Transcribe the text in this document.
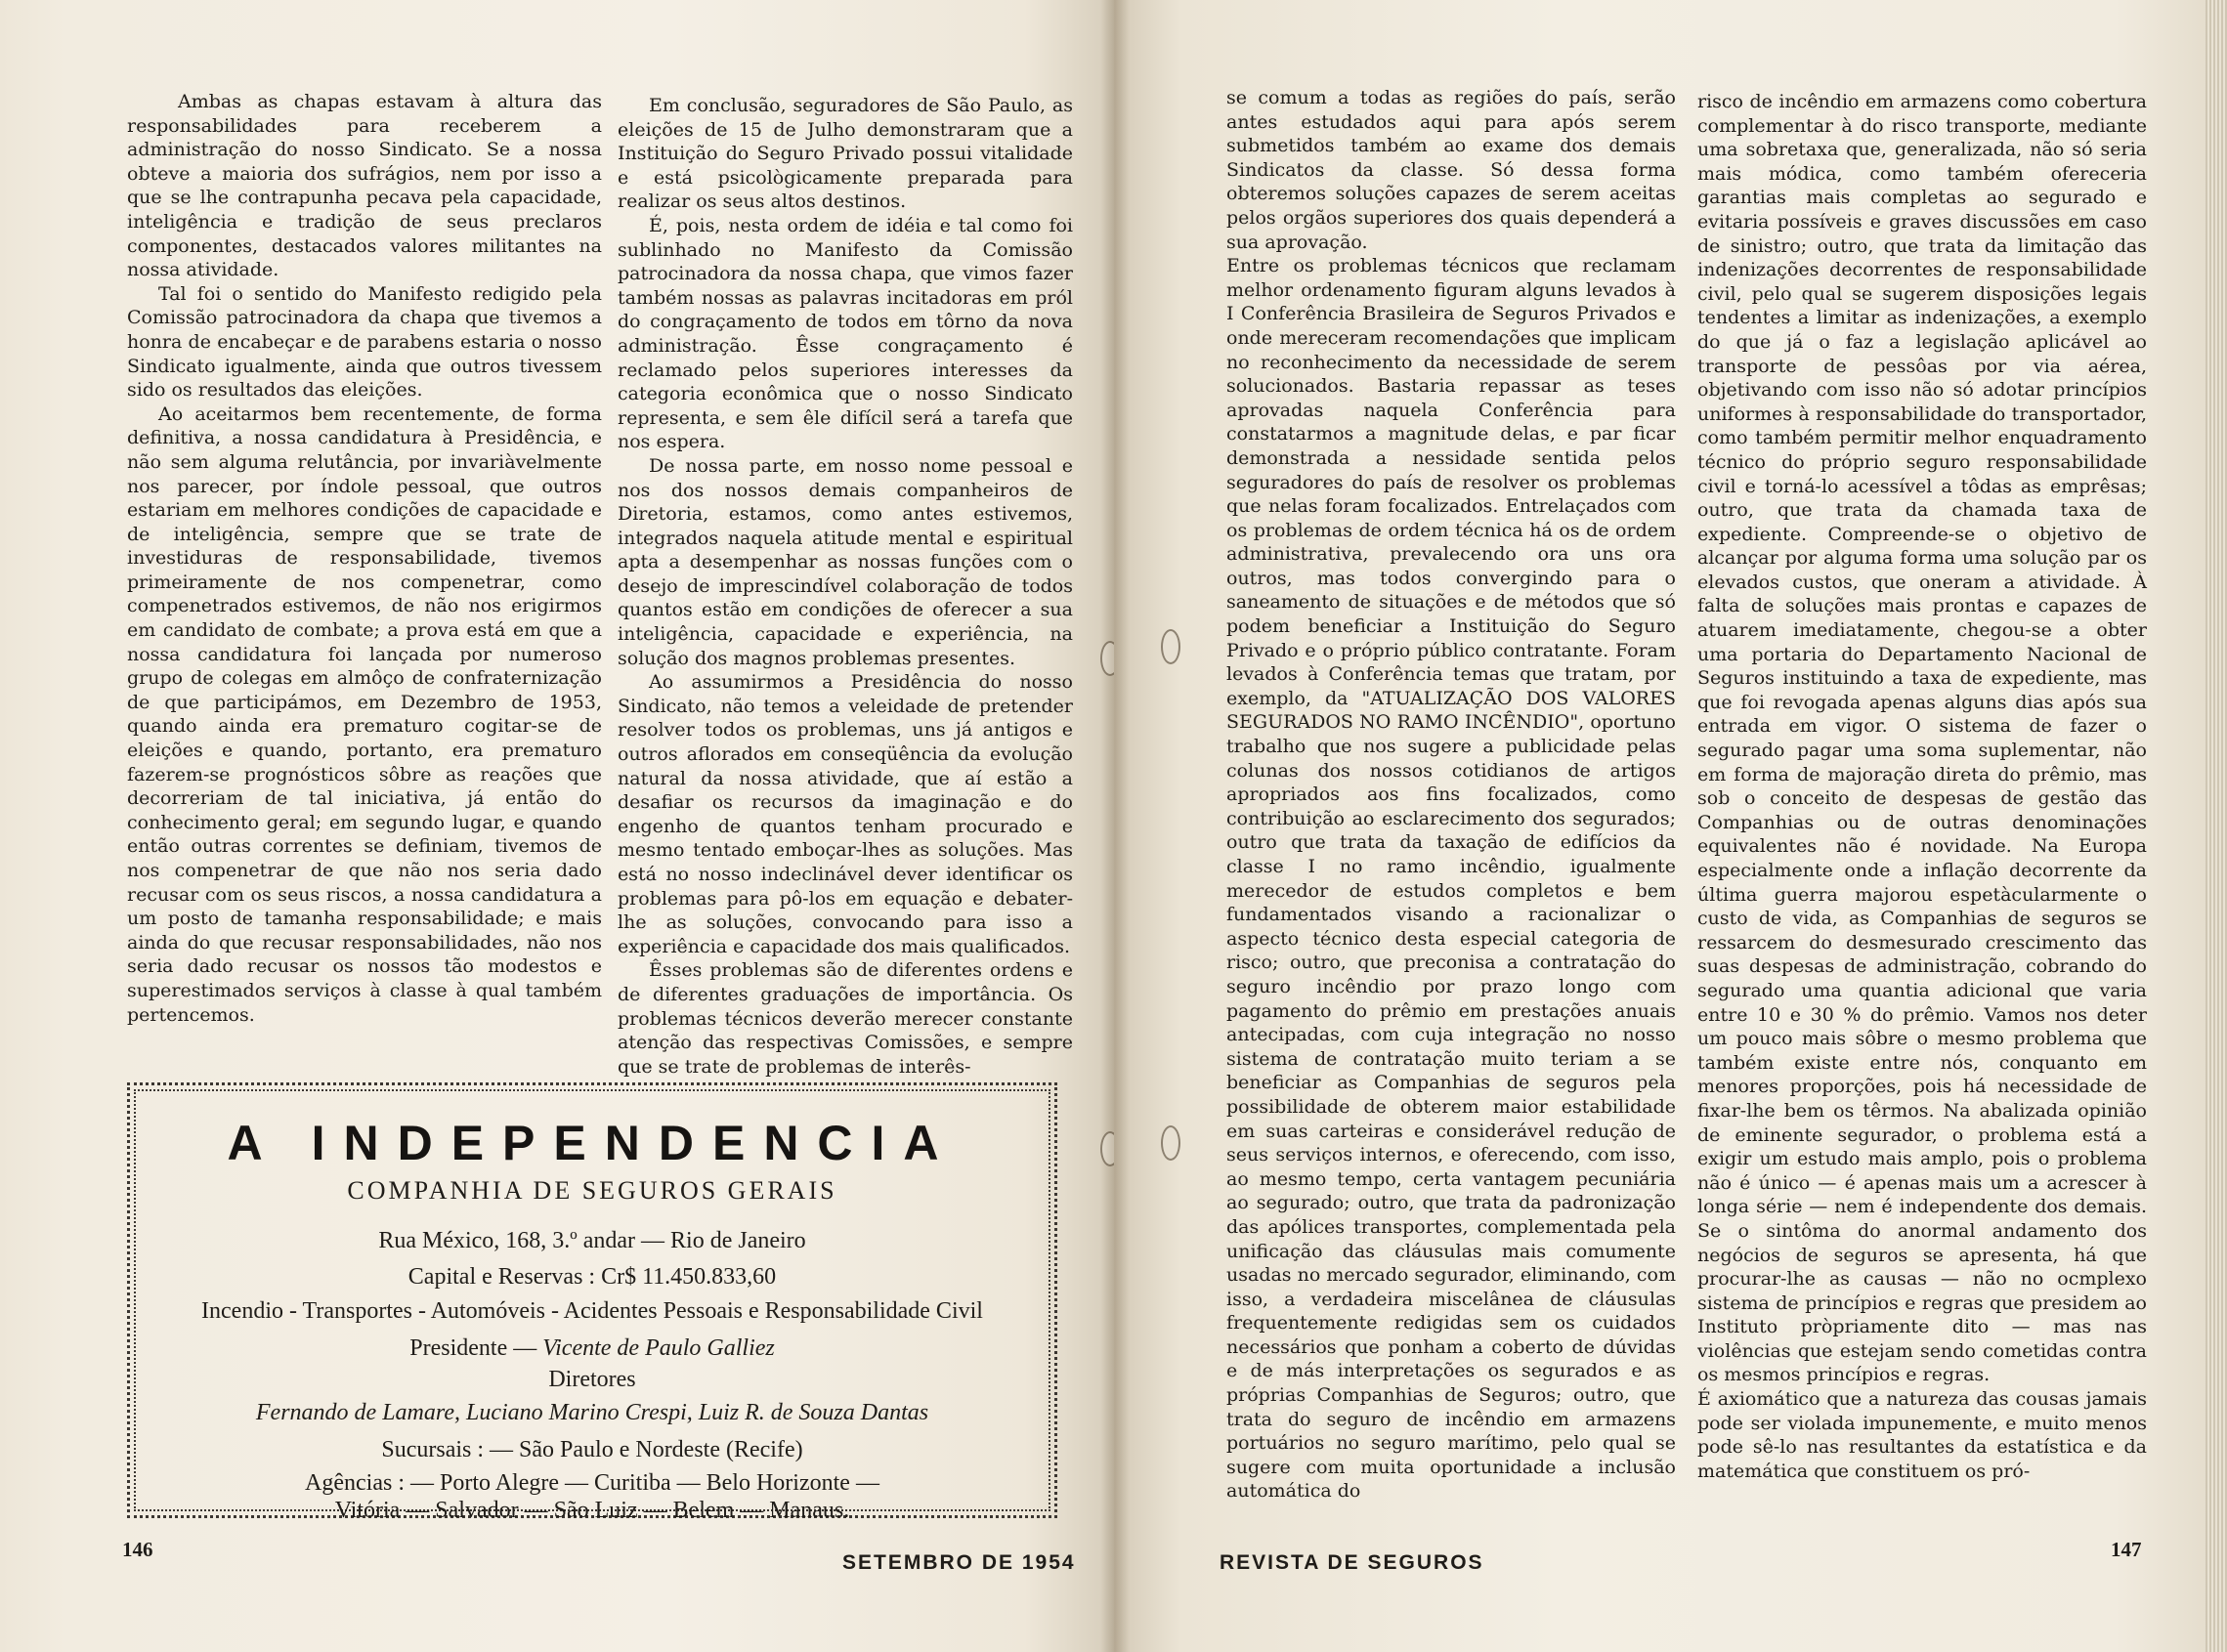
Ambas as chapas estavam à altura das responsabilidades para receberem a administração do nosso Sindicato. Se a nossa obteve a maioria dos sufrágios, nem por isso a que se lhe contrapunha pecava pela capacidade, inteligência e tradição de seus preclaros componentes, destacados valores militantes na nossa atividade.

Tal foi o sentido do Manifesto redigido pela Comissão patrocinadora da chapa que tivemos a honra de encabeçar e de parabens estaria o nosso Sindicato igualmente, ainda que outros tivessem sido os resultados das eleições.

Ao aceitarmos bem recentemente, de forma definitiva, a nossa candidatura à Presidência, e não sem alguma relutância, por invariàvelmente nos parecer, por índole pessoal, que outros estariam em melhores condições de capacidade e de inteligência, sempre que se trate de investiduras de responsabilidade, tivemos primeiramente de nos compenetrar, como compenetrados estivemos, de não nos erigirmos em candidato de combate; a prova está em que a nossa candidatura foi lançada por numeroso grupo de colegas em almôço de confraternização de que participámos, em Dezembro de 1953, quando ainda era prematuro cogitar-se de eleições e quando, portanto, era prematuro fazerem-se prognósticos sôbre as reações que decorreriam de tal iniciativa, já então do conhecimento geral; em segundo lugar, e quando então outras correntes se definiam, tivemos de nos compenetrar de que não nos seria dado recusar com os seus riscos, a nossa candidatura a um posto de tamanha responsabilidade; e mais ainda do que recusar responsabilidades, não nos seria dado recusar os nossos tão modestos e superestimados serviços à classe à qual também pertencemos.

Em conclusão, seguradores de São Paulo, as eleições de 15 de Julho demonstraram que a Instituição do Seguro Privado possui vitalidade e está psicològicamente preparada para realizar os seus altos destinos.

É, pois, nesta ordem de idéia e tal como foi sublinhado no Manifesto da Comissão patrocinadora da nossa chapa, que vimos fazer também nossas as palavras incitadoras em pról do congraçamento de todos em tôrno da nova administração. Êsse congraçamento é reclamado pelos superiores interesses da categoria econômica que o nosso Sindicato representa, e sem êle difícil será a tarefa que nos espera.

De nossa parte, em nosso nome pessoal e nos dos nossos demais companheiros de Diretoria, estamos, como antes estivemos, integrados naquela atitude mental e espiritual apta a desempenhar as nossas funções com o desejo de imprescindível colaboração de todos quantos estão em condições de oferecer a sua inteligência, capacidade e experiência, na solução dos magnos problemas presentes.

Ao assumirmos a Presidência do nosso Sindicato, não temos a veleidade de pretender resolver todos os problemas, uns já antigos e outros aflorados em conseqüência da evolução natural da nossa atividade, que aí estão a desafiar os recursos da imaginação e do engenho de quantos tenham procurado e mesmo tentado emboçar-lhes as soluções. Mas está no nosso indeclinável dever identificar os problemas para pô-los em equação e debater-lhe as soluções, convocando para isso a experiência e capacidade dos mais qualificados.

Êsses problemas são de diferentes ordens e de diferentes graduações de importância. Os problemas técnicos deverão merecer constante atenção das respectivas Comissões, e sempre que se trate de problemas de interês-

A INDEPENDENCIA
COMPANHIA DE SEGUROS GERAIS
Rua México, 168, 3.º andar — Rio de Janeiro
Capital e Reservas : Cr$ 11.450.833,60
Incendio - Transportes - Automóveis - Acidentes Pessoais e Responsabilidade Civil
Presidente — Vicente de Paulo Galliez
Diretores
Fernando de Lamare, Luciano Marino Crespi, Luiz R. de Souza Dantas
Sucursais : — São Paulo e Nordeste (Recife)
Agências : — Porto Alegre — Curitiba — Belo Horizonte —
Vitória — Salvador — São Luiz — Belem — Manaus.
146
SETEMBRO DE 1954

se comum a todas as regiões do país, serão antes estudados aqui para após serem submetidos também ao exame dos demais Sindicatos da classe. Só dessa forma obteremos soluções capazes de serem aceitas pelos orgãos superiores dos quais dependerá a sua aprovação.

Entre os problemas técnicos que reclamam melhor ordenamento figuram alguns levados à I Conferência Brasileira de Seguros Privados e onde mereceram recomendações que implicam no reconhecimento da necessidade de serem solucionados. Bastaria repassar as teses aprovadas naquela Conferência para constatarmos a magnitude delas, e par ficar demonstrada a nessidade sentida pelos seguradores do país de resolver os problemas que nelas foram focalizados. Entrelaçados com os problemas de ordem técnica há os de ordem administrativa, prevalecendo ora uns ora outros, mas todos convergindo para o saneamento de situações e de métodos que só podem beneficiar a Instituição do Seguro Privado e o próprio público contratante. Foram levados à Conferência temas que tratam, por exemplo, da "ATUALIZAÇÃO DOS VALORES SEGURADOS NO RAMO INCÊNDIO", oportuno trabalho que nos sugere a publicidade pelas colunas dos nossos cotidianos de artigos apropriados aos fins focalizados, como contribuição ao esclarecimento dos segurados; outro que trata da taxação de edifícios da classe I no ramo incêndio, igualmente merecedor de estudos completos e bem fundamentados visando a racionalizar o aspecto técnico desta especial categoria de risco; outro, que preconisa a contratação do seguro incêndio por prazo longo com pagamento do prêmio em prestações anuais antecipadas, com cuja integração no nosso sistema de contratação muito teriam a se beneficiar as Companhias de seguros pela possibilidade de obterem maior estabilidade em suas carteiras e considerável redução de seus serviços internos, e oferecendo, com isso, ao mesmo tempo, certa vantagem pecuniária ao segurado; outro, que trata da padronização das apólices transportes, complementada pela unificação das cláusulas mais comumente usadas no mercado segurador, eliminando, com isso, a verdadeira miscelânea de cláusulas frequentemente redigidas sem os cuidados necessários que ponham a coberto de dúvidas e de más interpretações os segurados e as próprias Companhias de Seguros; outro, que trata do seguro de incêndio em armazens portuários no seguro marítimo, pelo qual se sugere com muita oportunidade a inclusão automática do

risco de incêndio em armazens como cobertura complementar à do risco transporte, mediante uma sobretaxa que, generalizada, não só seria mais módica, como também ofereceria garantias mais completas ao segurado e evitaria possíveis e graves discussões em caso de sinistro; outro, que trata da limitação das indenizações decorrentes de responsabilidade civil, pelo qual se sugerem disposições legais tendentes a limitar as indenizações, a exemplo do que já o faz a legislação aplicável ao transporte de pessôas por via aérea, objetivando com isso não só adotar princípios uniformes à responsabilidade do transportador, como também permitir melhor enquadramento técnico do próprio seguro responsabilidade civil e torná-lo acessível a tôdas as emprêsas; outro, que trata da chamada taxa de expediente. Compreende-se o objetivo de alcançar por alguma forma uma solução par os elevados custos, que oneram a atividade. À falta de soluções mais prontas e capazes de atuarem imediatamente, chegou-se a obter uma portaria do Departamento Nacional de Seguros instituindo a taxa de expediente, mas que foi revogada apenas alguns dias após sua entrada em vigor. O sistema de fazer o segurado pagar uma soma suplementar, não em forma de majoração direta do prêmio, mas sob o conceito de despesas de gestão das Companhias ou de outras denominações equivalentes não é novidade. Na Europa especialmente onde a inflação decorrente da última guerra majorou espetàcularmente o custo de vida, as Companhias de seguros se ressarcem do desmesurado crescimento das suas despesas de administração, cobrando do segurado uma quantia adicional que varia entre 10 e 30 % do prêmio. Vamos nos deter um pouco mais sôbre o mesmo problema que também existe entre nós, conquanto em menores proporções, pois há necessidade de fixar-lhe bem os têrmos. Na abalizada opinião de eminente segurador, o problema está a exigir um estudo mais amplo, pois o problema não é único — é apenas mais um a acrescer à longa série — nem é independente dos demais. Se o sintôma do anormal andamento dos negócios de seguros se apresenta, há que procurar-lhe as causas — não no ocmplexo sistema de princípios e regras que presidem ao Instituto pròpriamente dito — mas nas violências que estejam sendo cometidas contra os mesmos princípios e regras.

É axiomático que a natureza das cousas jamais pode ser violada impunemente, e muito menos pode sê-lo nas resultantes da estatística e da matemática que constituem os pró-

REVISTA DE SEGUROS
147
